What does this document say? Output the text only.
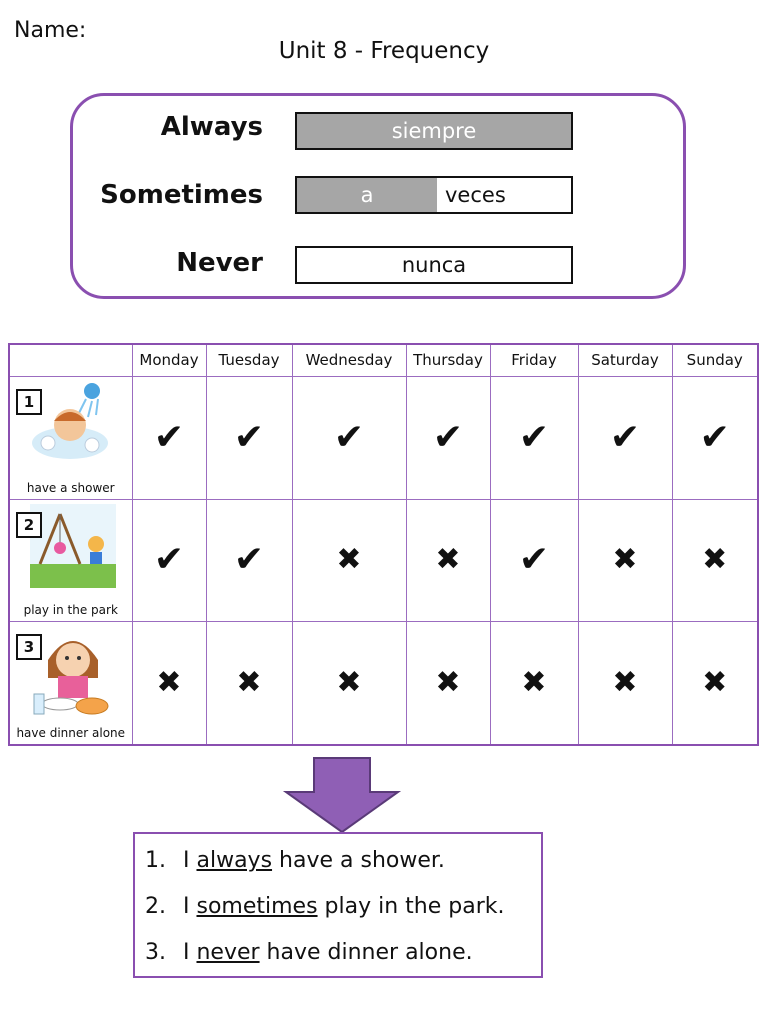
Name:
Unit 8 - Frequency
Always	siempre
Sometimes	a	veces
Never	nunca
	Monday	Tuesday	Wednesday	Thursday	Friday	Saturday	Sunday

1
have a shower	✔	✔	✔	✔	✔	✔	✔

2
play in the park	✔	✔	✖	✖	✔	✖	✖

3
have dinner alone	✖	✖	✖	✖	✖	✖	✖
1. I always have a shower.
2. I sometimes play in the park.
3. I never have dinner alone.
